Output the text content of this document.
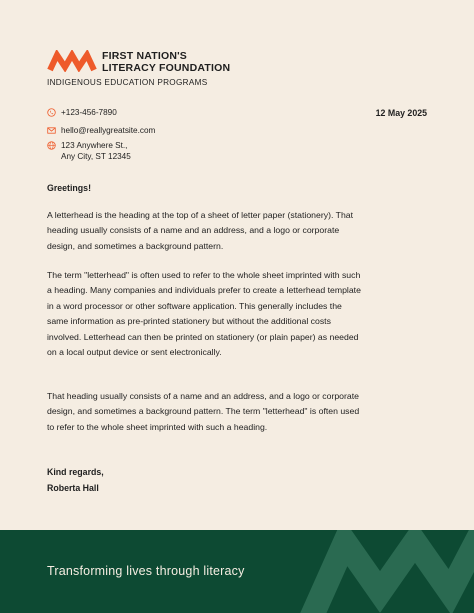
FIRST NATION'S
LITERACY FOUNDATION
INDIGENOUS EDUCATION PROGRAMS
+123-456-7890
hello@reallygreatsite.com
123 Anywhere St.,
Any City, ST 12345
12 May 2025
Greetings!

A letterhead is the heading at the top of a sheet of letter paper (stationery). That heading usually consists of a name and an address, and a logo or corporate design, and sometimes a background pattern.

The term "letterhead" is often used to refer to the whole sheet imprinted with such a heading. Many companies and individuals prefer to create a letterhead template in a word processor or other software application. This generally includes the same information as pre-printed stationery but without the additional costs involved. Letterhead can then be printed on stationery (or plain paper) as needed on a local output device or sent electronically.

That heading usually consists of a name and an address, and a logo or corporate design, and sometimes a background pattern. The term "letterhead" is often used to refer to the whole sheet imprinted with such a heading.

Kind regards,
Roberta Hall
Transforming lives through literacy
